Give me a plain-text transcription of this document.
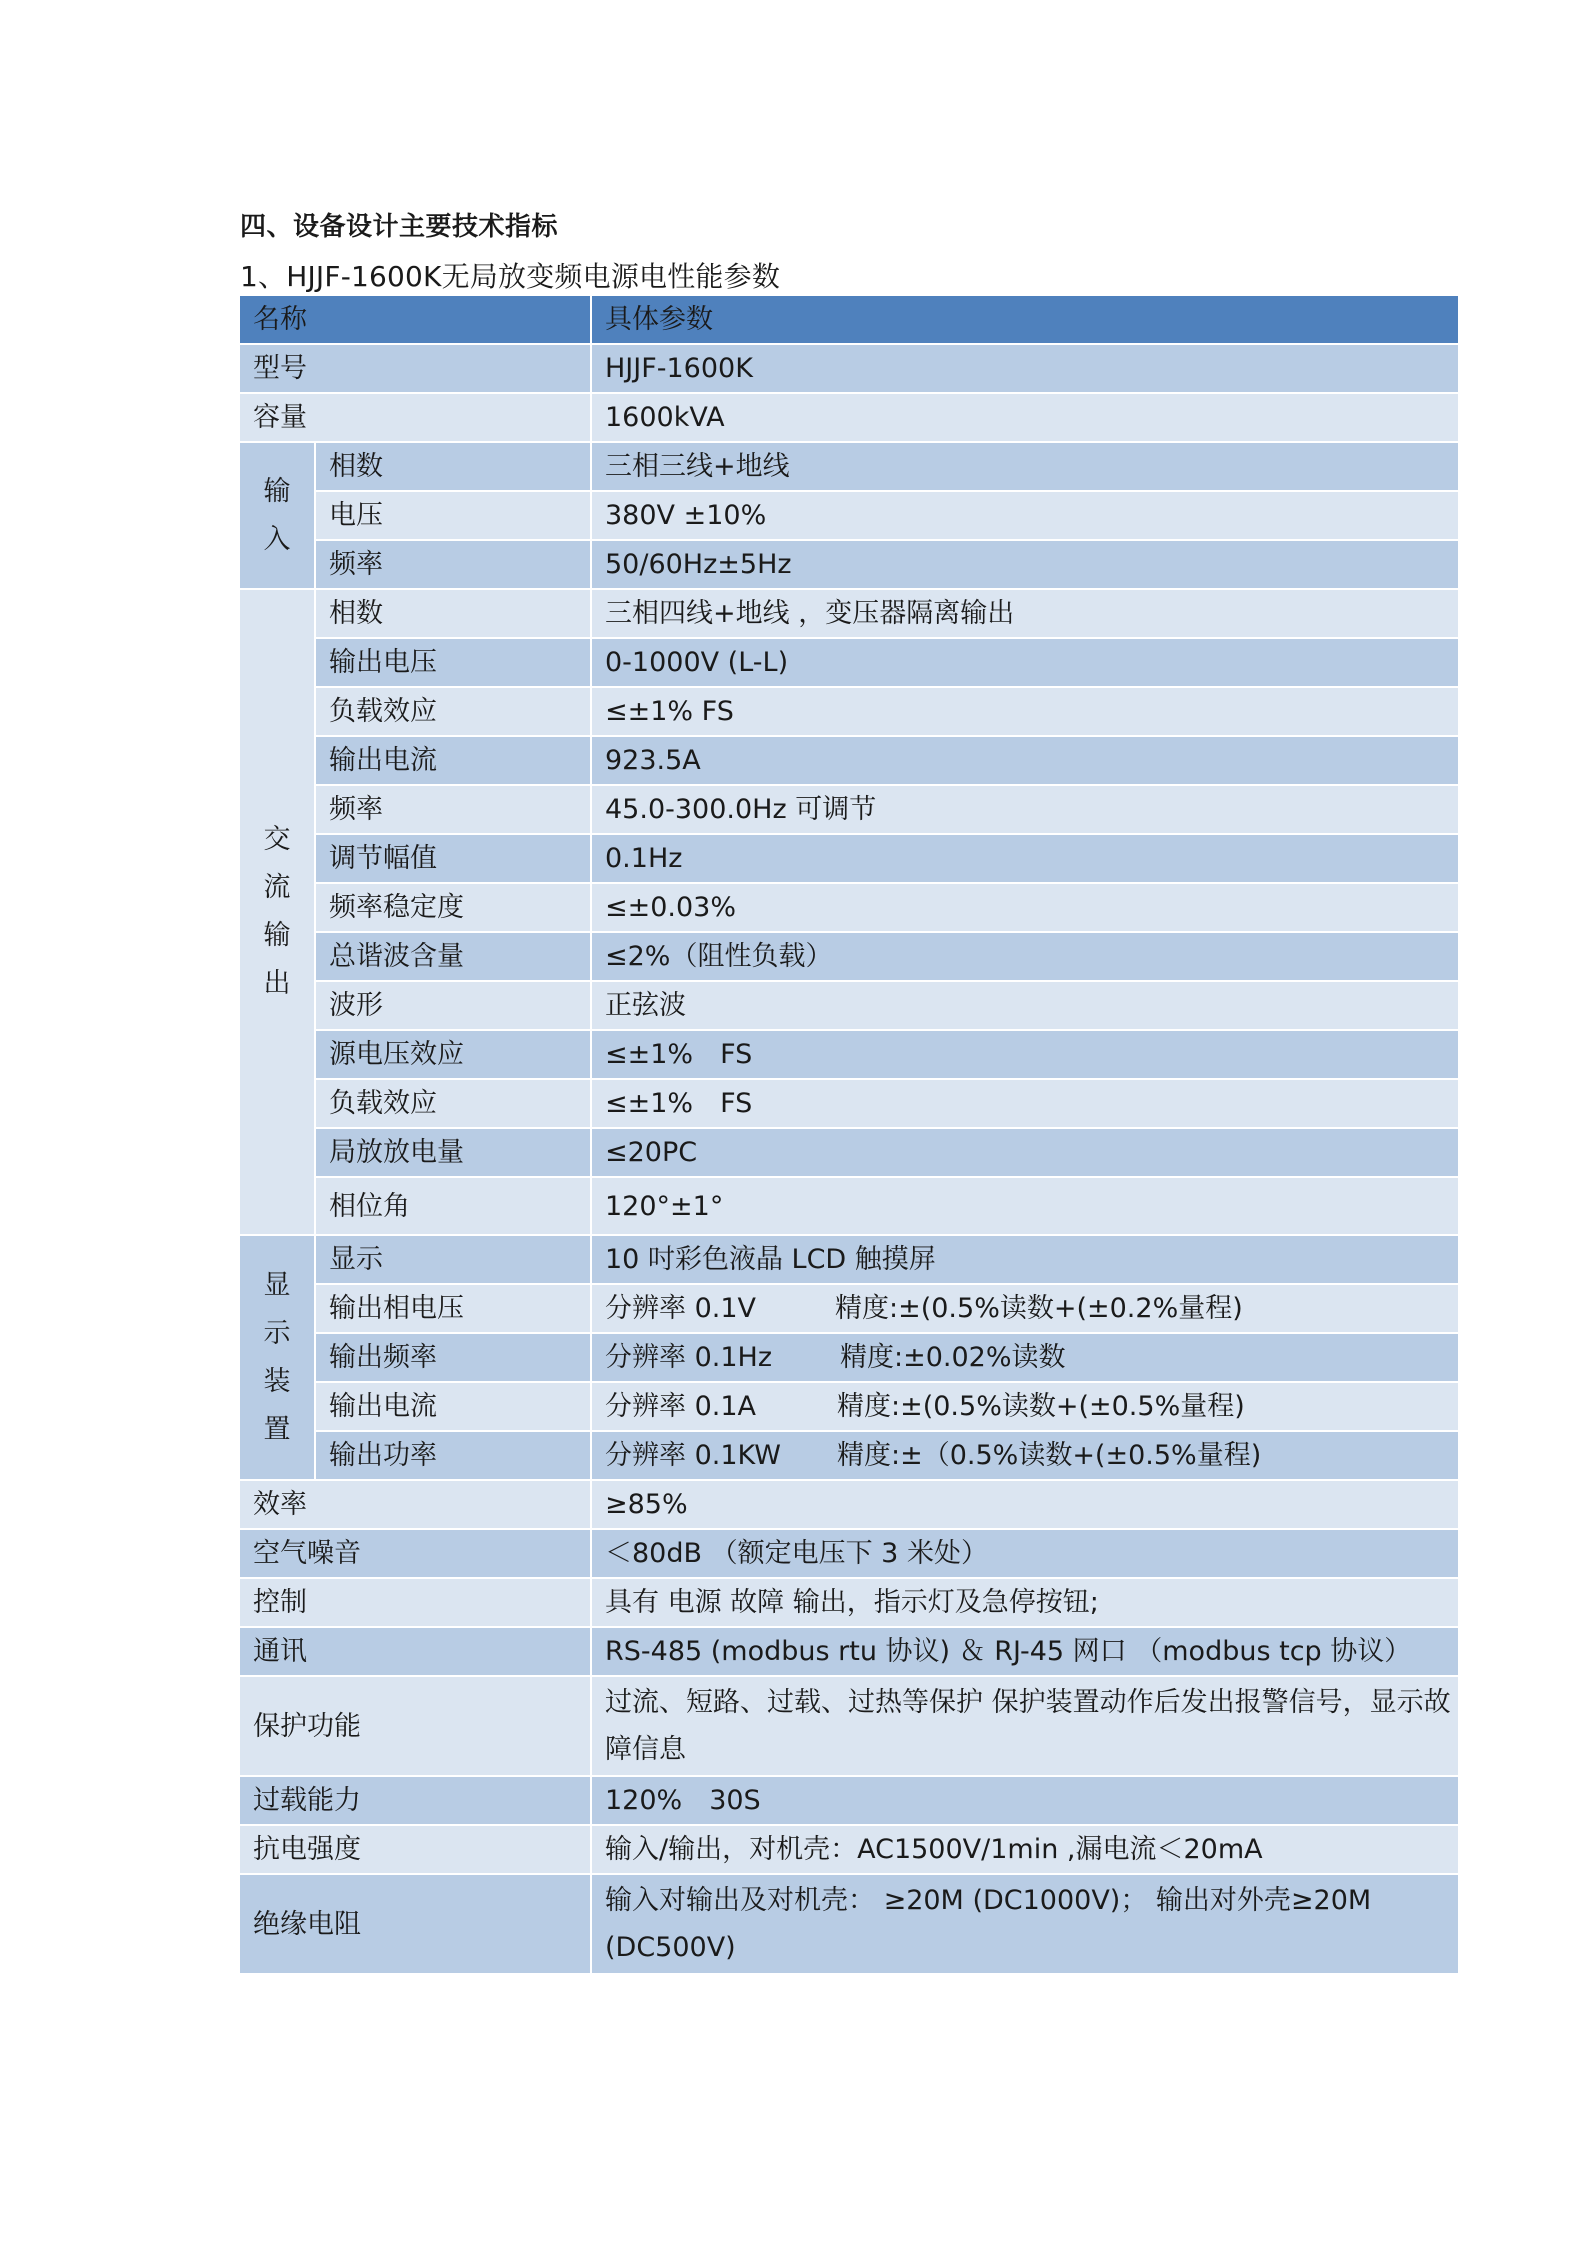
四、设备设计主要技术指标
1、HJJF-1600K无局放变频电源电性能参数
名称		具体参数
型号		HJJF-1600K
容量		1600kVA
输入	相数	三相三线+地线
	电压	380V ±10%
	频率	50/60Hz±5Hz
交流输出	相数	三相四线+地线 ，变压器隔离输出
	输出电压	0-1000V (L-L)
	负载效应	≤±1% FS
	输出电流	923.5A
	频率	45.0-300.0Hz 可调节
	调节幅值	0.1Hz
	频率稳定度	≤±0.03%
	总谐波含量	≤2%（阻性负载）
	波形	正弦波
	源电压效应	≤±1%　FS
	负载效应	≤±1%　FS
	局放放电量	≤20PC
	相位角	120°±1°
显示装置	显示	10 吋彩色液晶 LCD 触摸屏
	输出相电压	分辨率 0.1V 精度:±(0.5%读数+(±0.2%量程)
	输出频率	分辨率 0.1Hz 精度:±0.02%读数
	输出电流	分辨率 0.1A 精度:±(0.5%读数+(±0.5%量程)
	输出功率	分辨率 0.1KW 精度:±（0.5%读数+(±0.5%量程)
效率		≥85%
空气噪音		＜80dB （额定电压下 3 米处）
控制		具有 电源 故障 输出，指示灯及急停按钮;
通讯		RS-485 (modbus rtu 协议) ＆ RJ-45 网口 （modbus tcp 协议）
保护功能		过流、短路、过载、过热等保护 保护装置动作后发出报警信号，显示故障信息
过载能力		120%　30S
抗电强度		输入/输出，对机壳：AC1500V/1min ,漏电流＜20mA
绝缘电阻		输入对输出及对机壳： ≥20M (DC1000V)； 输出对外壳≥20M (DC500V)
